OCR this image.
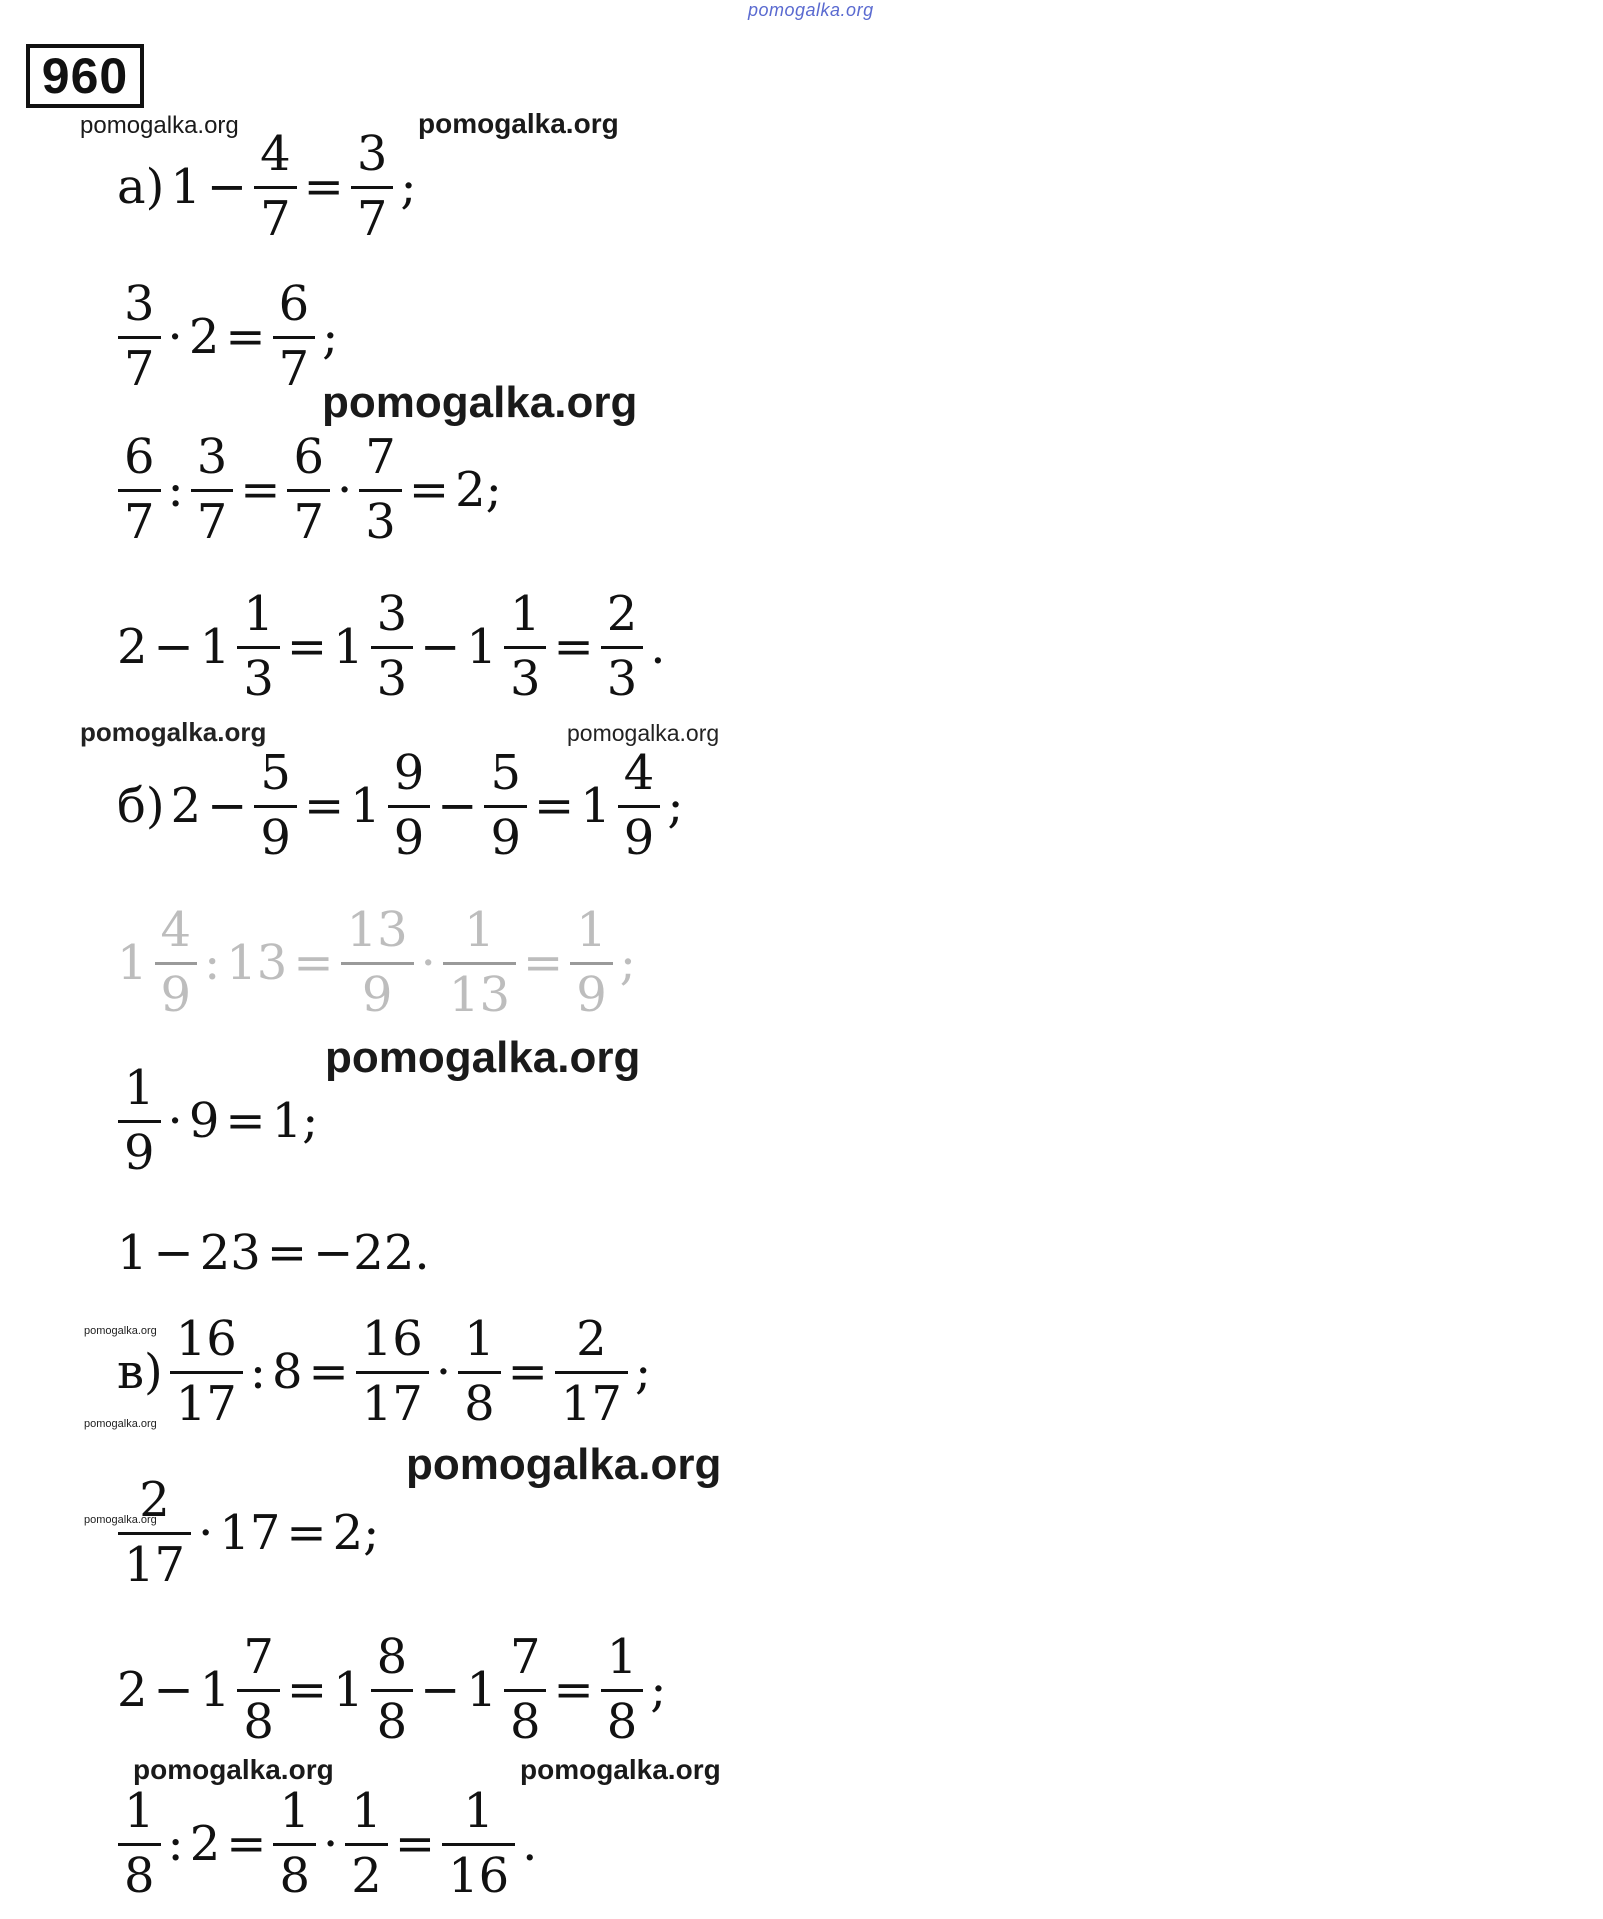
pomogalka.org
pomogalka.org	pomogalka.org
pomogalka.org
pomogalka.org	pomogalka.org
pomogalka.org
pomogalka.org
pomogalka.org
pomogalka.org
pomogalka.org
pomogalka.org	pomogalka.org
960
а) $1 - \frac{4}{7} = \frac{3}{7}$ ;
$\frac{3}{7} \cdot 2 = \frac{6}{7}$ ;
$\frac{6}{7}$ : $\frac{3}{7} = \frac{6}{7} \cdot \frac{7}{3} = 2$;
$2 - 1 \frac{1}{3} = 1 \frac{3}{3} - 1 \frac{1}{3} = \frac{2}{3}$ .
б) $2 - \frac{5}{9} = 1 \frac{9}{9} - \frac{5}{9} = 1 \frac{4}{9}$ ;
$1 \frac{4}{9}$ : $13 = \frac{13}{9} \cdot \frac{1}{13} = \frac{1}{9}$ ;
$\frac{1}{9} \cdot 9 = 1$;
1 − 23 = −22.
$в) \frac{16}{17}$ : $8 = \frac{16}{17} \cdot \frac{1}{8} = \frac{2}{17}$ ;
$\frac{2}{17} \cdot 17 = 2$;
$2 - 1 \frac{7}{8} = 1 \frac{8}{8} - 1 \frac{7}{8} = \frac{1}{8}$ ;
$\frac{1}{8}$ : $2 = \frac{1}{8} \cdot \frac{1}{2} = \frac{1}{16}$ .
